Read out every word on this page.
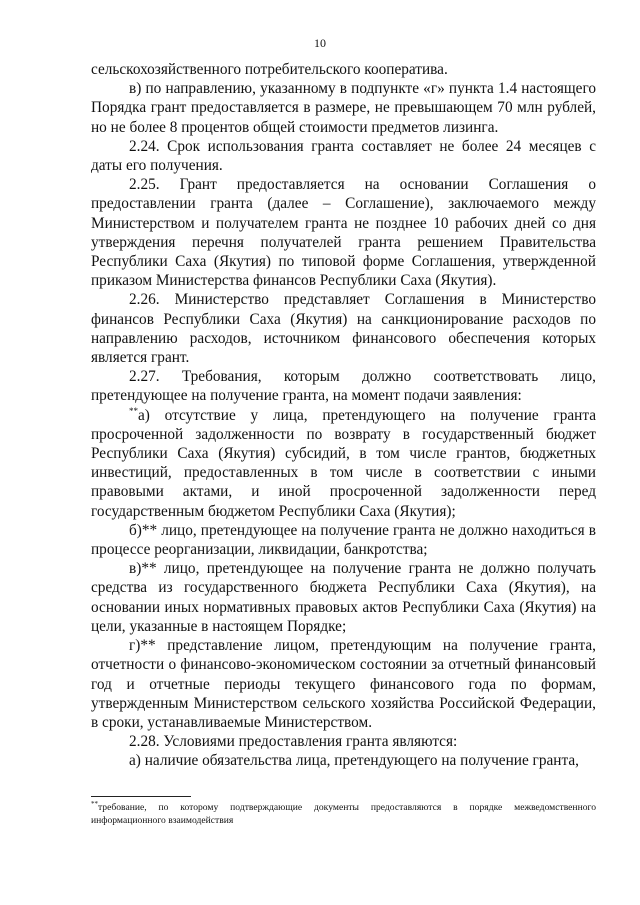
10

сельскохозяйственного потребительского кооператива.

в) по направлению, указанному в подпункте «г» пункта 1.4 настоящего Порядка грант предоставляется в размере, не превышающем 70 млн рублей, но не более 8 процентов общей стоимости предметов лизинга.

2.24. Срок использования гранта составляет не более 24 месяцев с даты его получения.

2.25. Грант предоставляется на основании Соглашения о предоставлении гранта (далее – Соглашение), заключаемого между Министерством и получателем гранта не позднее 10 рабочих дней со дня утверждения перечня получателей гранта решением Правительства Республики Саха (Якутия) по типовой форме Соглашения, утвержденной приказом Министерства финансов Республики Саха (Якутия).

2.26. Министерство представляет Соглашения в Министерство финансов Республики Саха (Якутия) на санкционирование расходов по направлению расходов, источником финансового обеспечения которых является грант.

2.27. Требования, которым должно соответствовать лицо, претендующее на получение гранта, на момент подачи заявления:

**а) отсутствие у лица, претендующего на получение гранта просроченной задолженности по возврату в государственный бюджет Республики Саха (Якутия) субсидий, в том числе грантов, бюджетных инвестиций, предоставленных в том числе в соответствии с иными правовыми актами, и иной просроченной задолженности перед государственным бюджетом Республики Саха (Якутия);

б)** лицо, претендующее на получение гранта не должно находиться в процессе реорганизации, ликвидации, банкротства;

в)** лицо, претендующее на получение гранта не должно получать средства из государственного бюджета Республики Саха (Якутия), на основании иных нормативных правовых актов Республики Саха (Якутия) на цели, указанные в настоящем Порядке;

г)** представление лицом, претендующим на получение гранта, отчетности о финансово-экономическом состоянии за отчетный финансовый год и отчетные периоды текущего финансового года по формам, утвержденным Министерством сельского хозяйства Российской Федерации, в сроки, устанавливаемые Министерством.

2.28. Условиями предоставления гранта являются:

а) наличие обязательства лица, претендующего на получение гранта,

**требование, по которому подтверждающие документы предоставляются в порядке межведомственного информационного взаимодействия
